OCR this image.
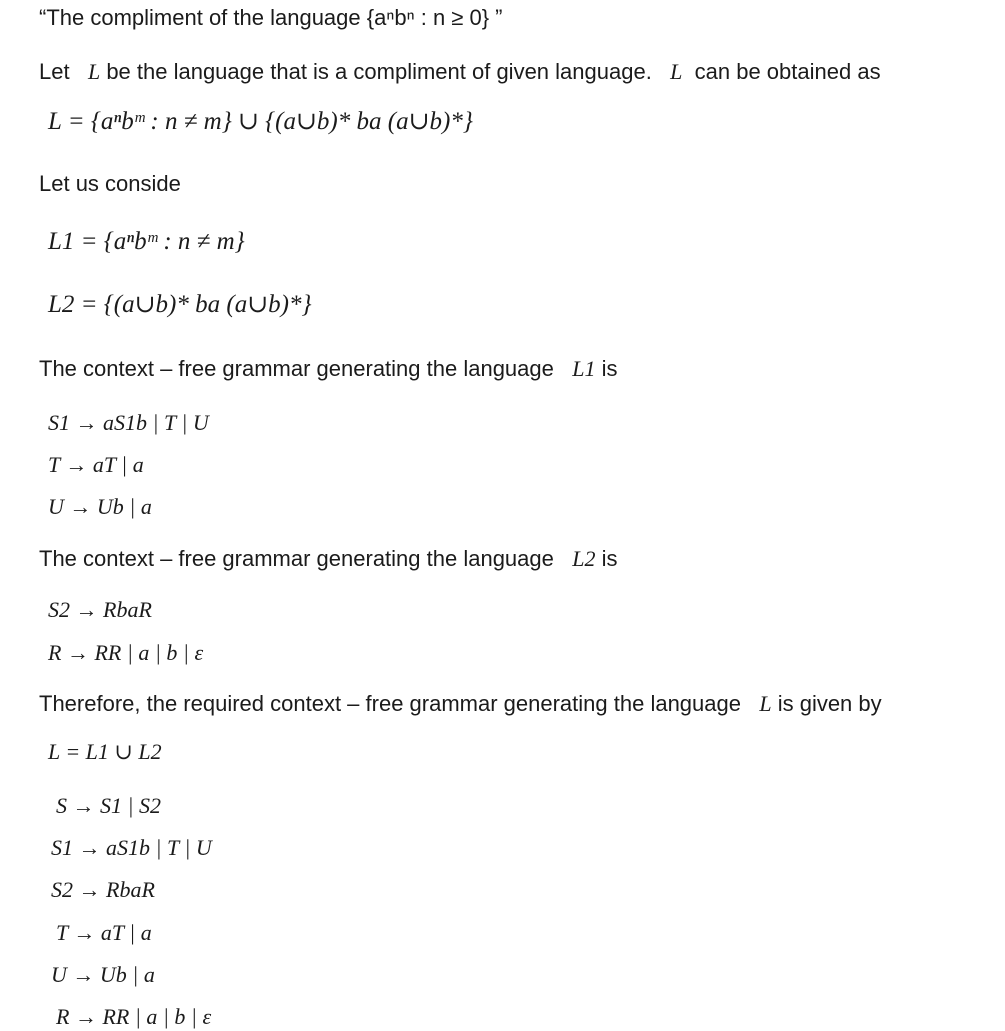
“The compliment of the language {aⁿbⁿ : n ≥ 0} ”
Let L be the language that is a compliment of given language. L can be obtained as
L = {aⁿbᵐ : n ≠ m} ∪ {(a∪b)* ba (a∪b)*}
Let us conside
L1 = {aⁿbᵐ : n ≠ m}
L2 = {(a∪b)* ba (a∪b)*}
The context – free grammar generating the language L1 is
S1 → aS1b | T | U
T → aT | a
U → Ub | a
The context – free grammar generating the language L2 is
S2 → RbaR
R → RR | a | b | ε
Therefore, the required context – free grammar generating the language L is given by
L = L1 ∪ L2
S → S1 | S2
S1 → aS1b | T | U
S2 → RbaR
T → aT | a
U → Ub | a
R → RR | a | b | ε
